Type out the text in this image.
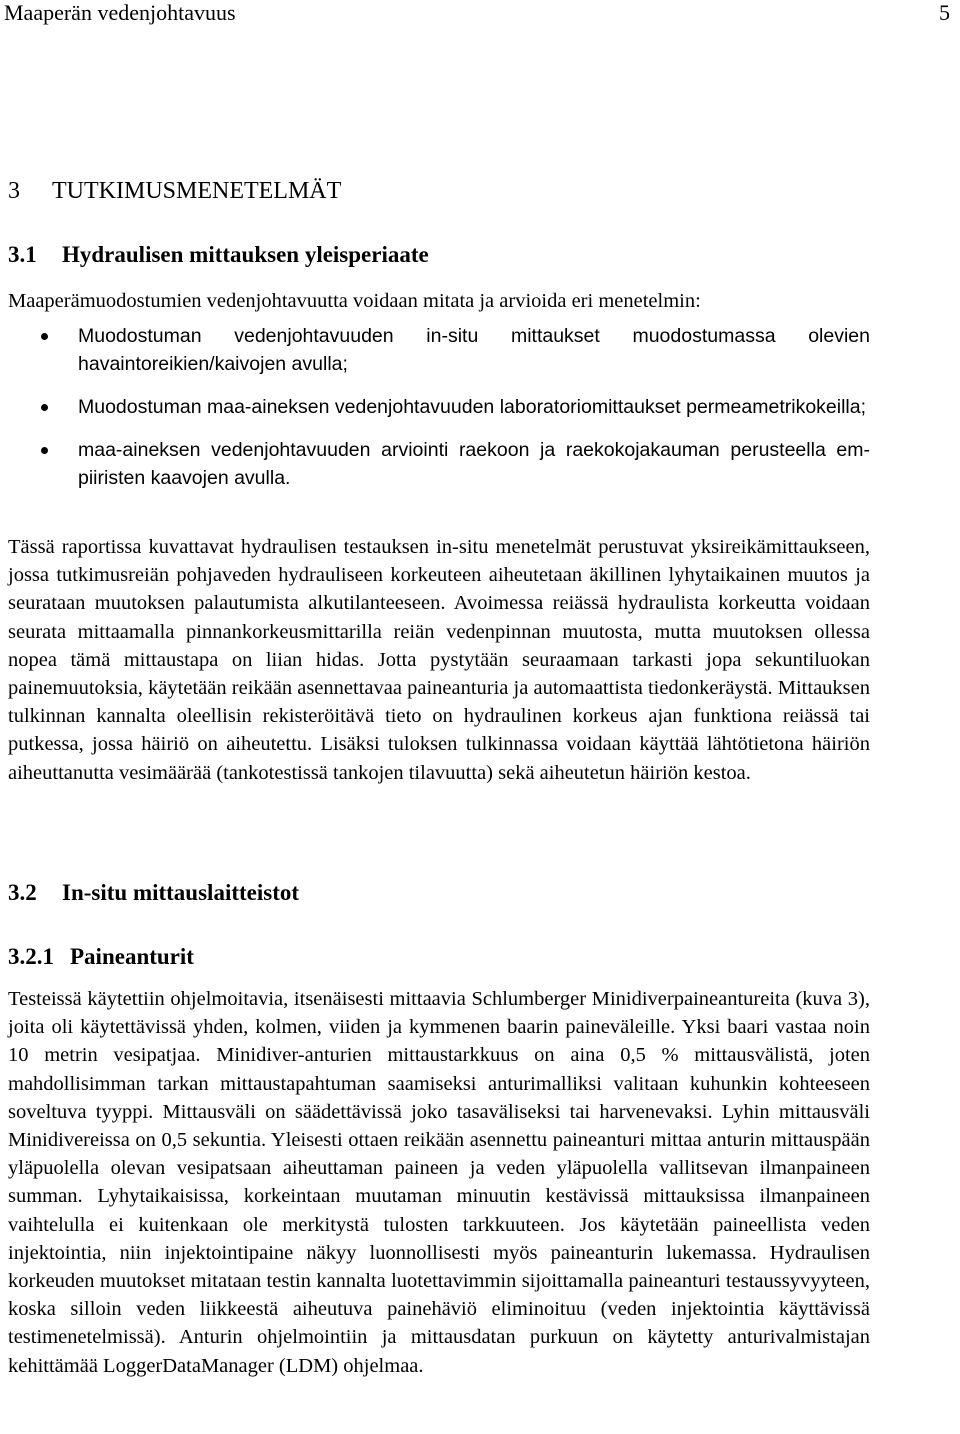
Maaperän vedenjohtavuus	5
3 TUTKIMUSMENETELMÄT
3.1 Hydraulisen mittauksen yleisperiaate

Maaperämuodostumien vedenjohtavuutta voidaan mitata ja arvioida eri menetelmin:

Muodostuman vedenjohtavuuden in-situ mittaukset muodostumassa olevien havaintoreikien/kaivojen avulla;
Muodostuman maa-aineksen vedenjohtavuuden laboratoriomittaukset permeametrikokeilla;
maa-aineksen vedenjohtavuuden arviointi raekoon ja raekokojakauman perusteella em-piiristen kaavojen avulla.

Tässä raportissa kuvattavat hydraulisen testauksen in-situ menetelmät perustuvat yksireikämittaukseen, jossa tutkimusreiän pohjaveden hydrauliseen korkeuteen aiheutetaan äkillinen lyhytaikainen muutos ja seurataan muutoksen palautumista alkutilanteeseen. Avoimessa reiässä hydraulista korkeutta voidaan seurata mittaamalla pinnankorkeusmittarilla reiän vedenpinnan muutosta, mutta muutoksen ollessa nopea tämä mittaustapa on liian hidas. Jotta pystytään seuraamaan tarkasti jopa sekuntiluokan painemuutoksia, käytetään reikään asennettavaa paineanturia ja automaattista tiedonkeräystä. Mittauksen tulkinnan kannalta oleellisin rekisteröitävä tieto on hydraulinen korkeus ajan funktiona reiässä tai putkessa, jossa häiriö on aiheutettu. Lisäksi tuloksen tulkinnassa voidaan käyttää lähtötietona häiriön aiheuttanutta vesimäärää (tankotestissä tankojen tilavuutta) sekä aiheutetun häiriön kestoa.

3.2 In-situ mittauslaitteistot
3.2.1 Paineanturit

Testeissä käytettiin ohjelmoitavia, itsenäisesti mittaavia Schlumberger Minidiverpaineantureita (kuva 3), joita oli käytettävissä yhden, kolmen, viiden ja kymmenen baarin paineväleille. Yksi baari vastaa noin 10 metrin vesipatjaa. Minidiver-anturien mittaustarkkuus on aina 0,5 % mittausvälistä, joten mahdollisimman tarkan mittaustapahtuman saamiseksi anturimalliksi valitaan kuhunkin kohteeseen soveltuva tyyppi. Mittausväli on säädettävissä joko tasaväliseksi tai harvenevaksi. Lyhin mittausväli Minidivereissa on 0,5 sekuntia. Yleisesti ottaen reikään asennettu paineanturi mittaa anturin mittauspään yläpuolella olevan vesipatsaan aiheuttaman paineen ja veden yläpuolella vallitsevan ilmanpaineen summan. Lyhytaikaisissa, korkeintaan muutaman minuutin kestävissä mittauksissa ilmanpaineen vaihtelulla ei kuitenkaan ole merkitystä tulosten tarkkuuteen. Jos käytetään paineellista veden injektointia, niin injektointipaine näkyy luonnollisesti myös paineanturin lukemassa. Hydraulisen korkeuden muutokset mitataan testin kannalta luotettavimmin sijoittamalla paineanturi testaussyvyyteen, koska silloin veden liikkeestä aiheutuva painehäviö eliminoituu (veden injektointia käyttävissä testimenetelmissä). Anturin ohjelmointiin ja mittausdatan purkuun on käytetty anturivalmistajan kehittämää LoggerDataManager (LDM) ohjelmaa.
